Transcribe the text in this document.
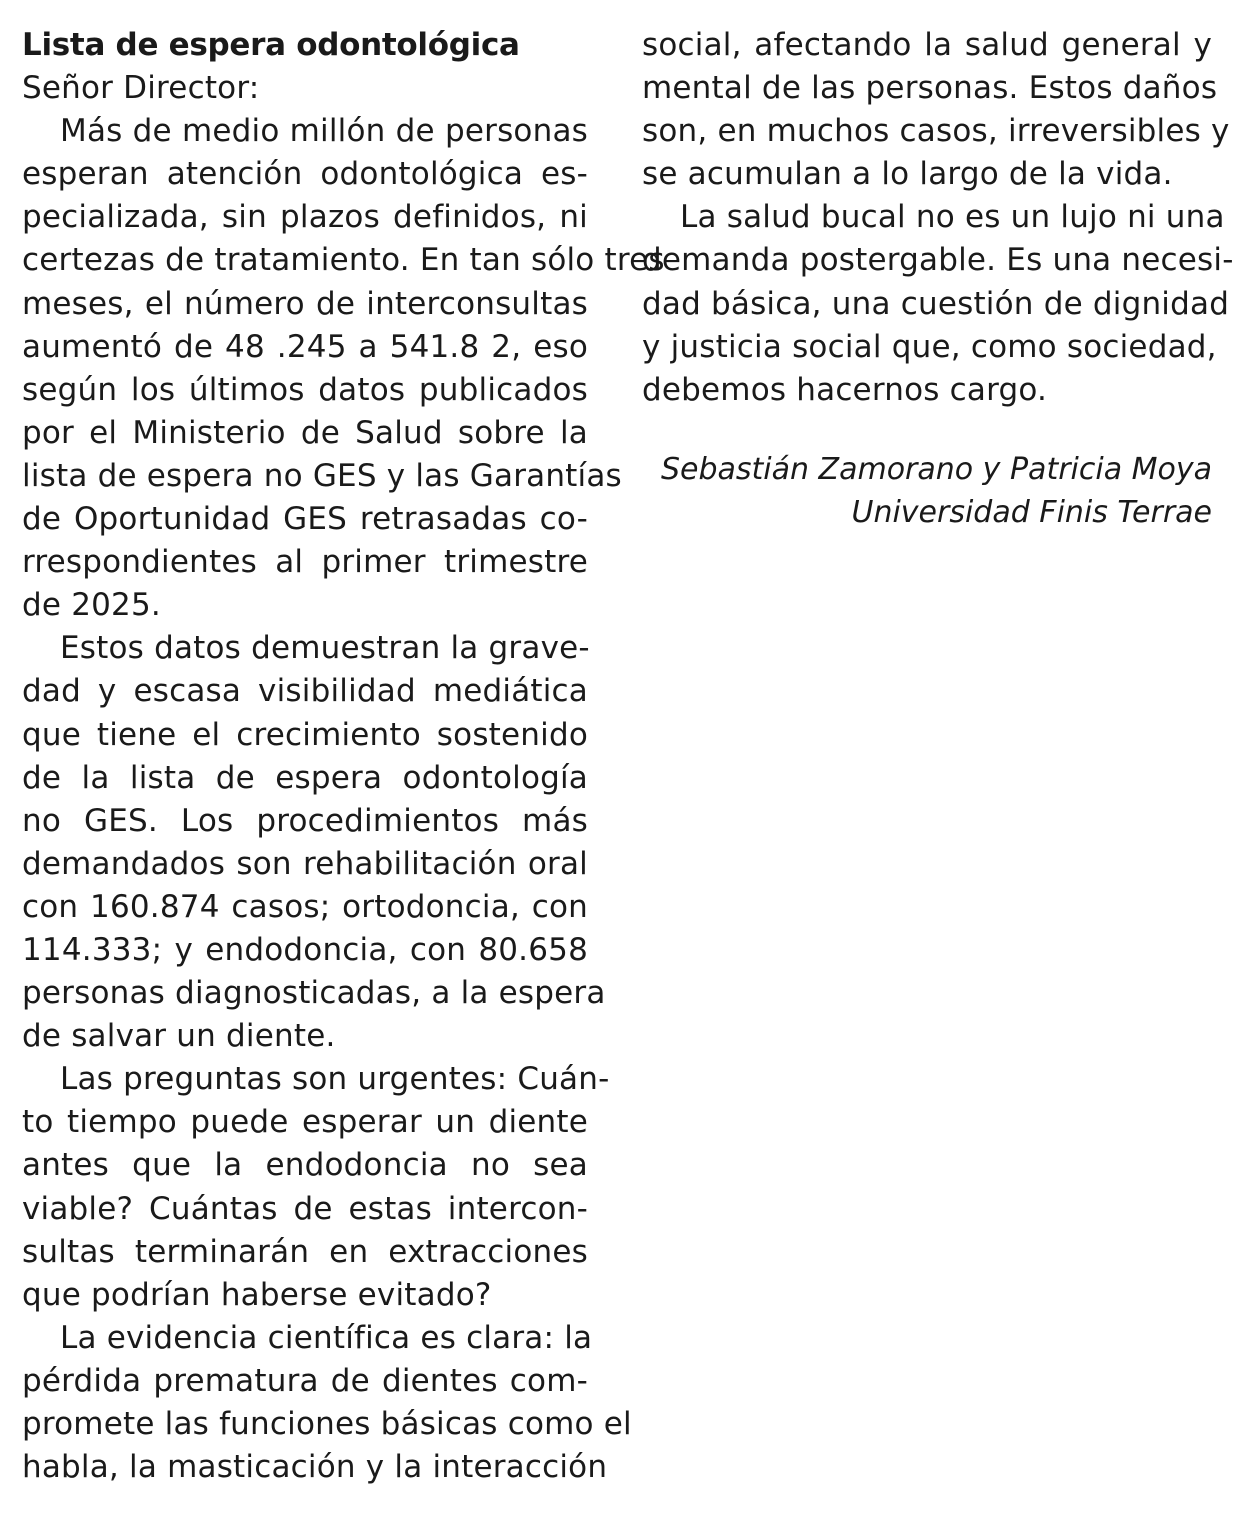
Lista de espera odontológica
Señor Director:
Más de medio millón de personas
esperan atención odontológica es-
pecializada, sin plazos definidos, ni
certezas de tratamiento. En tan sólo tres
meses, el número de interconsultas
aumentó de 48 .245 a 541.8 2, eso
según los últimos datos publicados
por el Ministerio de Salud sobre la
lista de espera no GES y las Garantías
de Oportunidad GES retrasadas co-
rrespondientes al primer trimestre
de 2025.
Estos datos demuestran la grave-
dad y escasa visibilidad mediática
que tiene el crecimiento sostenido
de la lista de espera odontología
no GES. Los procedimientos más
demandados son rehabilitación oral
con 160.874 casos; ortodoncia, con
114.333; y endodoncia, con 80.658
personas diagnosticadas, a la espera
de salvar un diente.
Las preguntas son urgentes: Cuán-
to tiempo puede esperar un diente
antes que la endodoncia no sea
viable? Cuántas de estas intercon-
sultas terminarán en extracciones
que podrían haberse evitado?
La evidencia científica es clara: la
pérdida prematura de dientes com-
promete las funciones básicas como el
habla, la masticación y la interacción
social, afectando la salud general y
mental de las personas. Estos daños
son, en muchos casos, irreversibles y
se acumulan a lo largo de la vida.
La salud bucal no es un lujo ni una
demanda postergable. Es una necesi-
dad básica, una cuestión de dignidad
y justicia social que, como sociedad,
debemos hacernos cargo.
Sebastián Zamorano y Patricia Moya
Universidad Finis Terrae
